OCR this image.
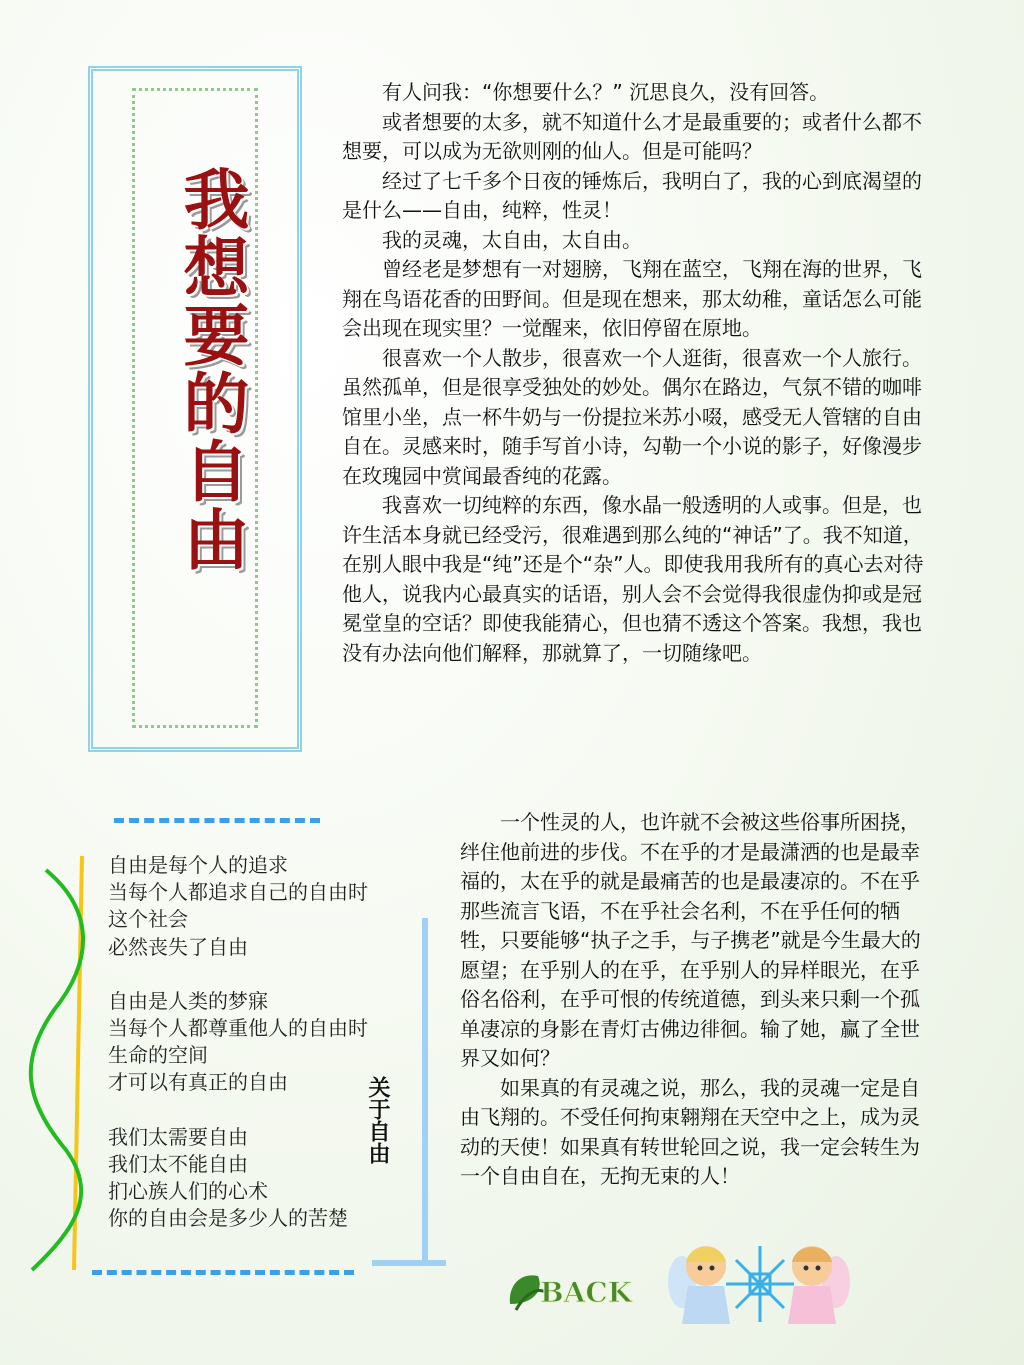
我想要的自由

有人问我：“你想要什么？” 沉思良久，没有回答。

或者想要的太多，就不知道什么才是最重要的；或者什么都不想要，可以成为无欲则刚的仙人。但是可能吗？

经过了七千多个日夜的锤炼后，我明白了，我的心到底渴望的是什么——自由，纯粹，性灵！

我的灵魂，太自由，太自由。

曾经老是梦想有一对翅膀，飞翔在蓝空，飞翔在海的世界，飞翔在鸟语花香的田野间。但是现在想来，那太幼稚，童话怎么可能会出现在现实里？一觉醒来，依旧停留在原地。

很喜欢一个人散步，很喜欢一个人逛街，很喜欢一个人旅行。虽然孤单，但是很享受独处的妙处。偶尔在路边，气氛不错的咖啡馆里小坐，点一杯牛奶与一份提拉米苏小啜，感受无人管辖的自由自在。灵感来时，随手写首小诗，勾勒一个小说的影子，好像漫步在玫瑰园中赏闻最香纯的花露。

我喜欢一切纯粹的东西，像水晶一般透明的人或事。但是，也许生活本身就已经受污，很难遇到那么纯的“神话”了。我不知道，在别人眼中我是“纯”还是个“杂”人。即使我用我所有的真心去对待他人，说我内心最真实的话语，别人会不会觉得我很虚伪抑或是冠冕堂皇的空话？即使我能猜心，但也猜不透这个答案。我想，我也没有办法向他们解释，那就算了，一切随缘吧。

自由是每个人的追求
当每个人都追求自己的自由时
这个社会
必然丧失了自由
自由是人类的梦寐
当每个人都尊重他人的自由时
生命的空间
才可以有真正的自由
我们太需要自由
我们太不能自由
扪心族人们的心术
你的自由会是多少人的苦楚
关于自由

一个性灵的人，也许就不会被这些俗事所困挠，绊住他前进的步伐。不在乎的才是最潇洒的也是最幸福的，太在乎的就是最痛苦的也是最凄凉的。不在乎那些流言飞语，不在乎社会名利，不在乎任何的牺牲，只要能够“执子之手，与子携老”就是今生最大的愿望；在乎别人的在乎，在乎别人的异样眼光，在乎俗名俗利，在乎可恨的传统道德，到头来只剩一个孤单凄凉的身影在青灯古佛边徘徊。输了她，赢了全世界又如何？

如果真的有灵魂之说，那么，我的灵魂一定是自由飞翔的。不受任何拘束翱翔在天空中之上，成为灵动的天使！如果真有转世轮回之说，我一定会转生为一个自由自在，无拘无束的人！

BACK
